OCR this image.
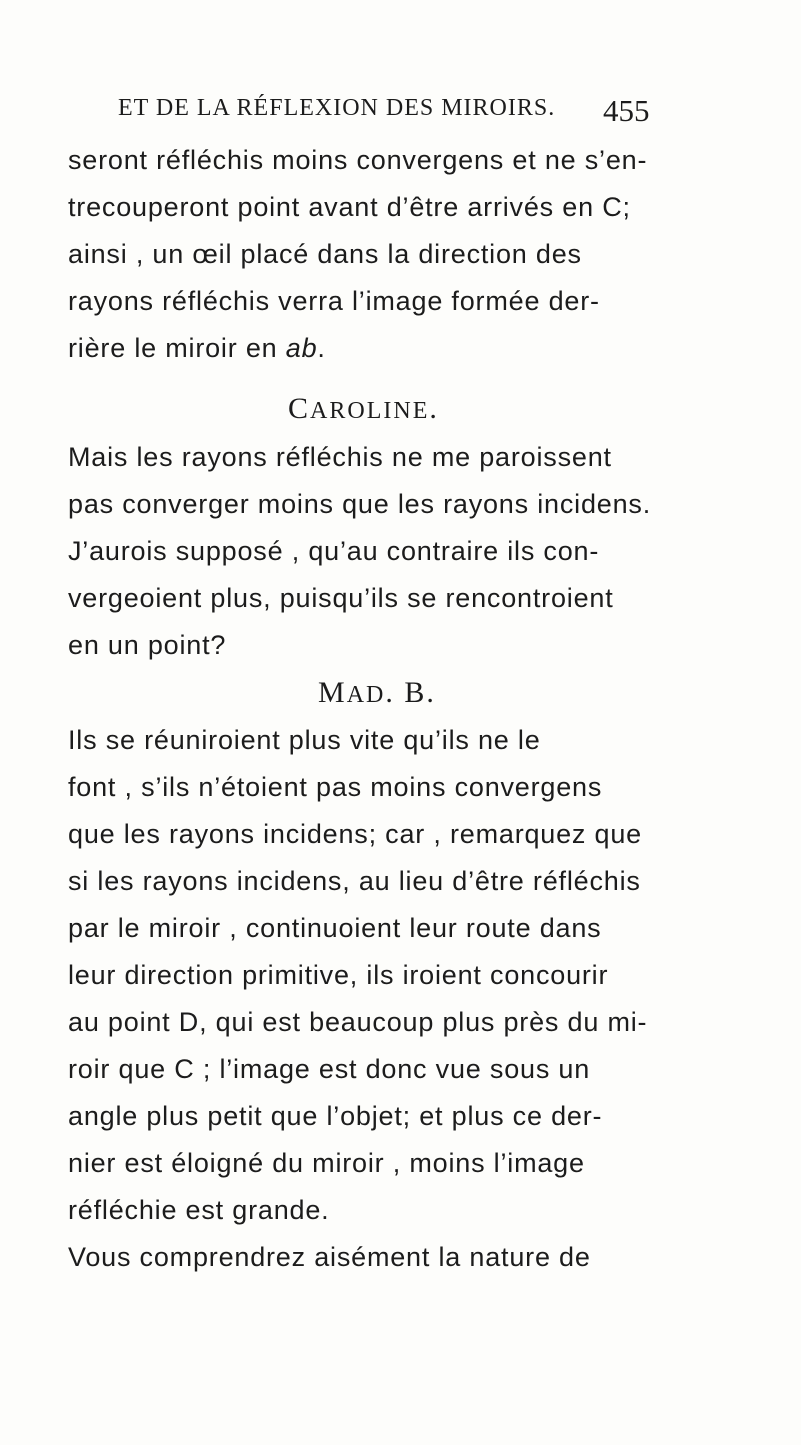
ET DE LA RÉFLEXION DES MIROIRS.	455
seront réfléchis moins convergens et ne s’en-
trecouperont point avant d’être arrivés en C;
ainsi , un œil placé dans la direction des
rayons réfléchis verra l’image formée der-
rière le miroir en ab.
CAROLINE.
Mais les rayons réfléchis ne me paroissent
pas converger moins que les rayons incidens.
J’aurois supposé , qu’au contraire ils con-
vergeoient plus, puisqu’ils se rencontroient
en un point?
MAD. B.
Ils se réuniroient plus vite qu’ils ne le
font , s’ils n’étoient pas moins convergens
que les rayons incidens; car , remarquez que
si les rayons incidens, au lieu d’être réfléchis
par le miroir , continuoient leur route dans
leur direction primitive, ils iroient concourir
au point D, qui est beaucoup plus près du mi-
roir que C ; l’image est donc vue sous un
angle plus petit que l’objet; et plus ce der-
nier est éloigné du miroir , moins l’image
réfléchie est grande.
Vous comprendrez aisément la nature de
